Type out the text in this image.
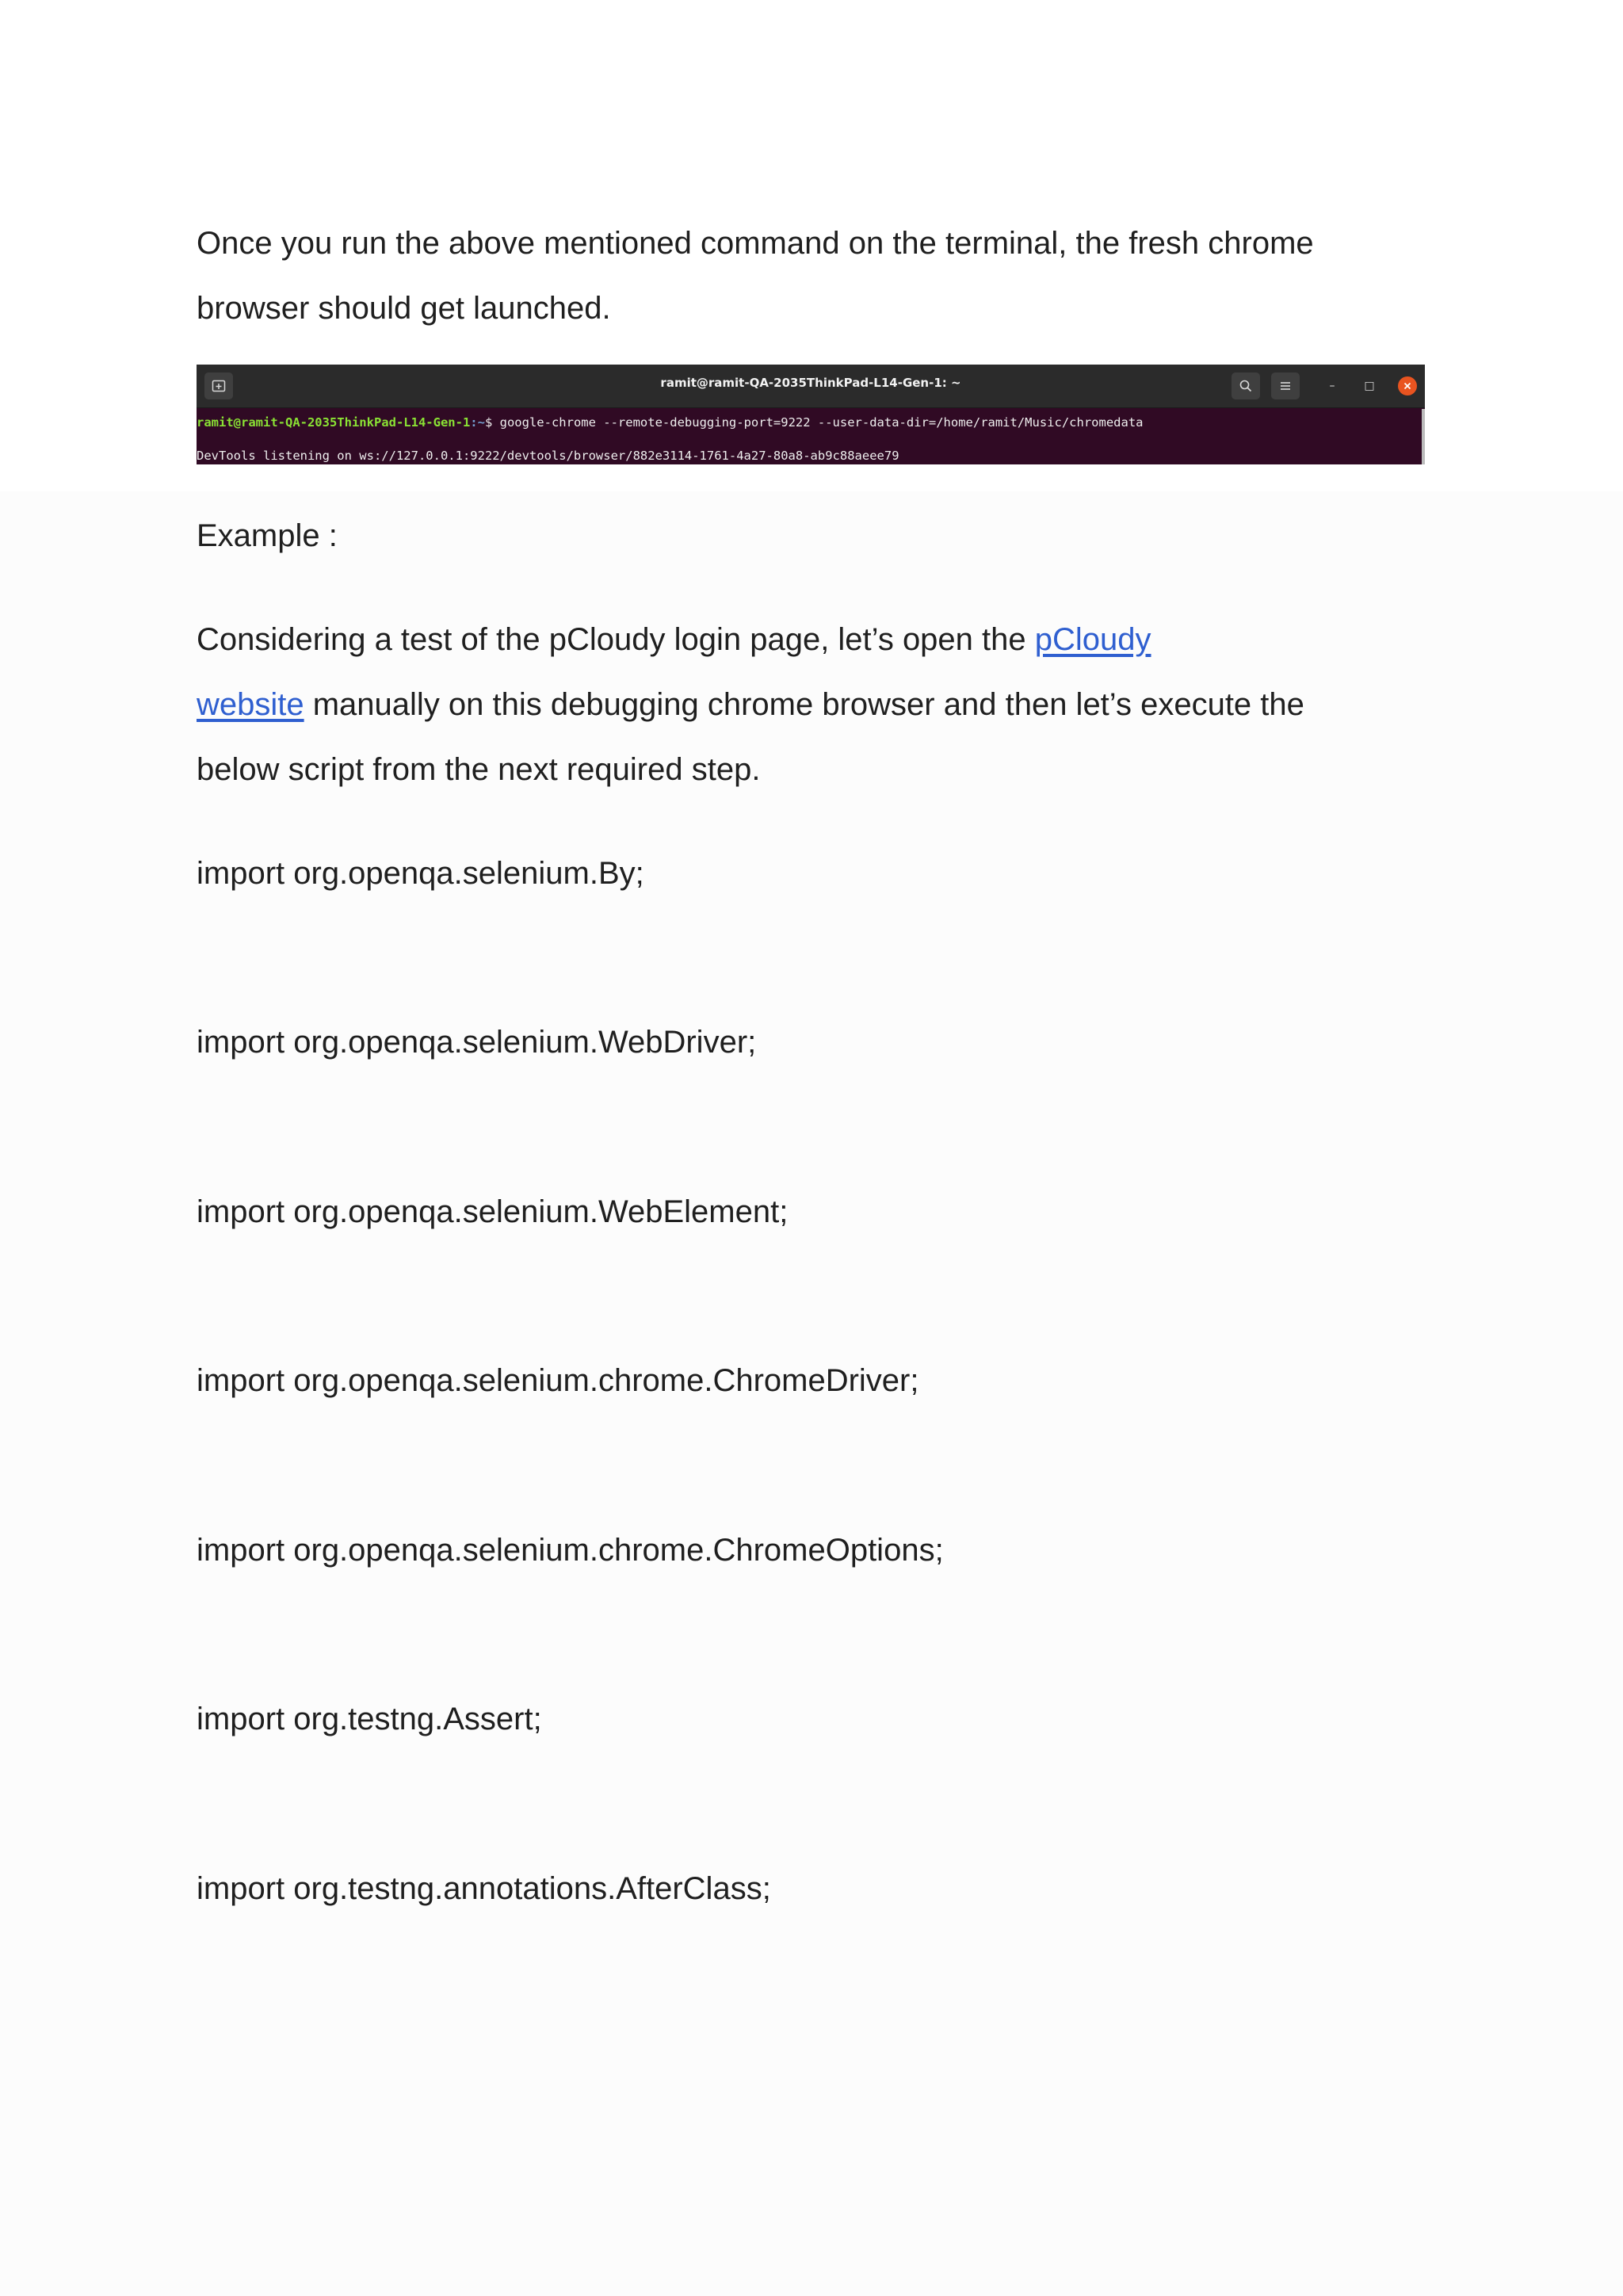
Once you run the above mentioned command on the terminal, the fresh chrome

browser should get launched.

ramit@ramit-QA-2035ThinkPad-L14-Gen-1: ~	–	□
ramit@ramit-QA-2035ThinkPad-L14-Gen-1:~$ google-chrome --remote-debugging-port=9222 --user-data-dir=/home/ramit/Music/chromedata
DevTools listening on ws://127.0.0.1:9222/devtools/browser/882e3114-1761-4a27-80a8-ab9c88aeee79

Example :

Considering a test of the pCloudy login page, let’s open the pCloudy

website manually on this debugging chrome browser and then let’s execute the

below script from the next required step.

import org.openqa.selenium.By;

import org.openqa.selenium.WebDriver;

import org.openqa.selenium.WebElement;

import org.openqa.selenium.chrome.ChromeDriver;

import org.openqa.selenium.chrome.ChromeOptions;

import org.testng.Assert;

import org.testng.annotations.AfterClass;
